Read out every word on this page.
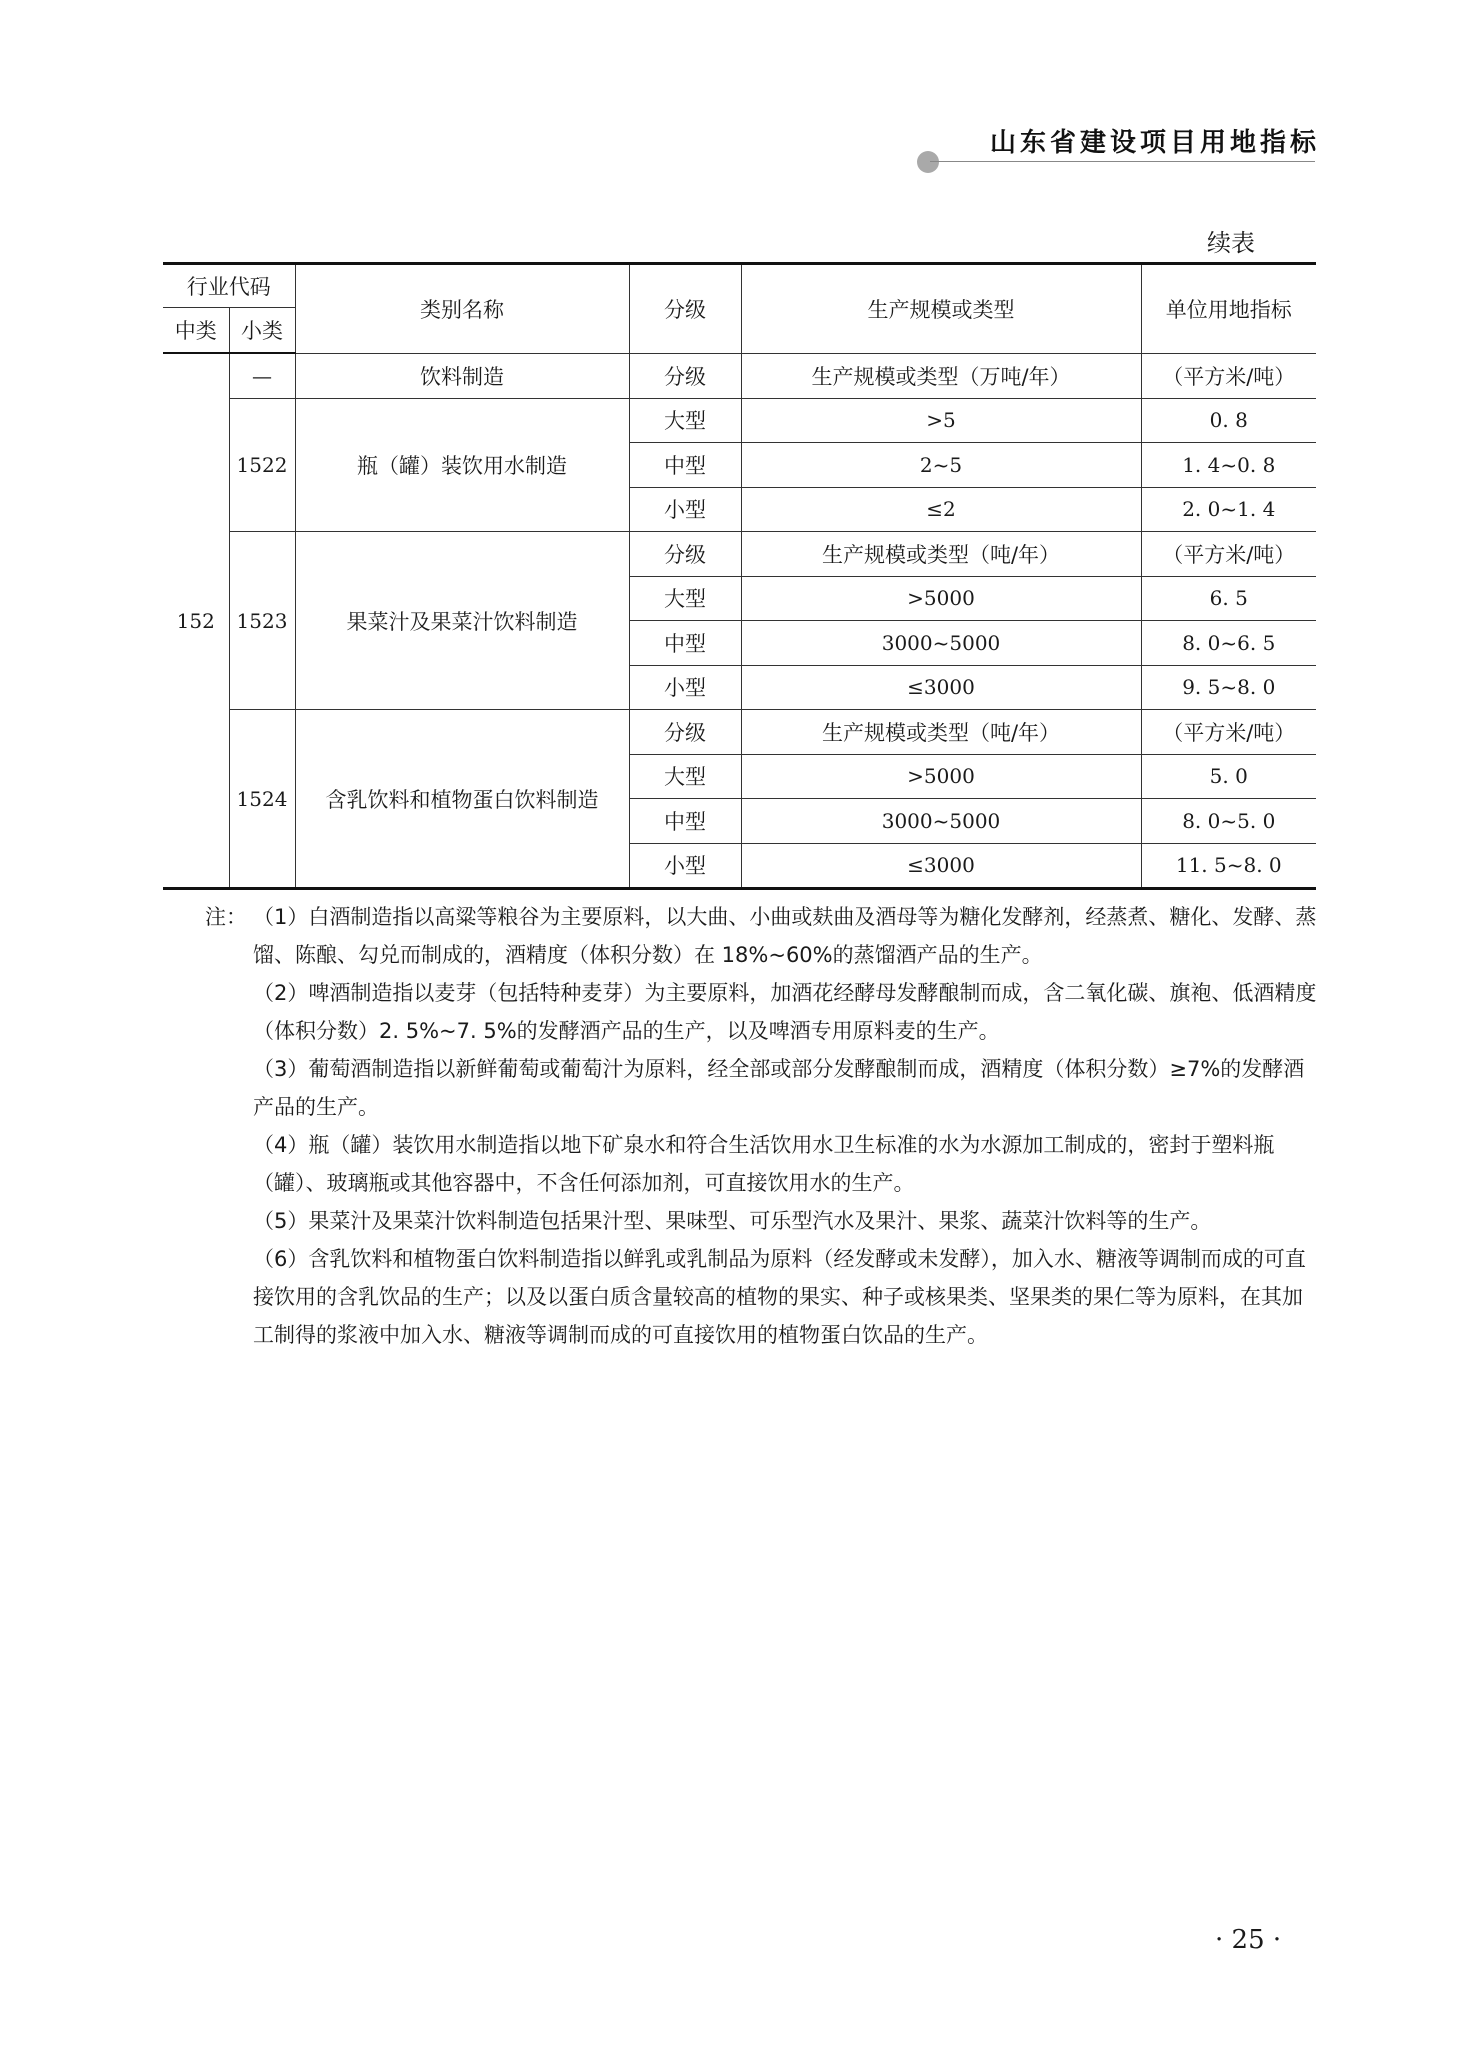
山东省建设项目用地指标
续表
行业代码		类别名称	分级	生产规模或类型	单位用地指标
中类	小类				
152	—	饮料制造	分级	生产规模或类型（万吨/年）	（平方米/吨）
	1522	瓶（罐）装饮用水制造	大型	>5	0. 8
			中型	2~5	1. 4~0. 8
			小型	≤2	2. 0~1. 4
	1523	果菜汁及果菜汁饮料制造	分级	生产规模或类型（吨/年）	（平方米/吨）
			大型	>5000	6. 5
			中型	3000~5000	8. 0~6. 5
			小型	≤3000	9. 5~8. 0
	1524	含乳饮料和植物蛋白饮料制造	分级	生产规模或类型（吨/年）	（平方米/吨）
			大型	>5000	5. 0
			中型	3000~5000	8. 0~5. 0
			小型	≤3000	11. 5~8. 0

注： （1）白酒制造指以高粱等粮谷为主要原料，以大曲、小曲或麸曲及酒母等为糖化发酵剂，经蒸煮、糖化、发酵、蒸馏、陈酿、勾兑而制成的，酒精度（体积分数）在 18%~60%的蒸馏酒产品的生产。

（2）啤酒制造指以麦芽（包括特种麦芽）为主要原料，加酒花经酵母发酵酿制而成，含二氧化碳、旗袍、低酒精度（体积分数）2. 5%~7. 5%的发酵酒产品的生产，以及啤酒专用原料麦的生产。

（3）葡萄酒制造指以新鲜葡萄或葡萄汁为原料，经全部或部分发酵酿制而成，酒精度（体积分数）≥7%的发酵酒产品的生产。

（4）瓶（罐）装饮用水制造指以地下矿泉水和符合生活饮用水卫生标准的水为水源加工制成的，密封于塑料瓶（罐）、玻璃瓶或其他容器中，不含任何添加剂，可直接饮用水的生产。

（5）果菜汁及果菜汁饮料制造包括果汁型、果味型、可乐型汽水及果汁、果浆、蔬菜汁饮料等的生产。

（6）含乳饮料和植物蛋白饮料制造指以鲜乳或乳制品为原料（经发酵或未发酵），加入水、糖液等调制而成的可直接饮用的含乳饮品的生产；以及以蛋白质含量较高的植物的果实、种子或核果类、坚果类的果仁等为原料，在其加工制得的浆液中加入水、糖液等调制而成的可直接饮用的植物蛋白饮品的生产。

· 25 ·
